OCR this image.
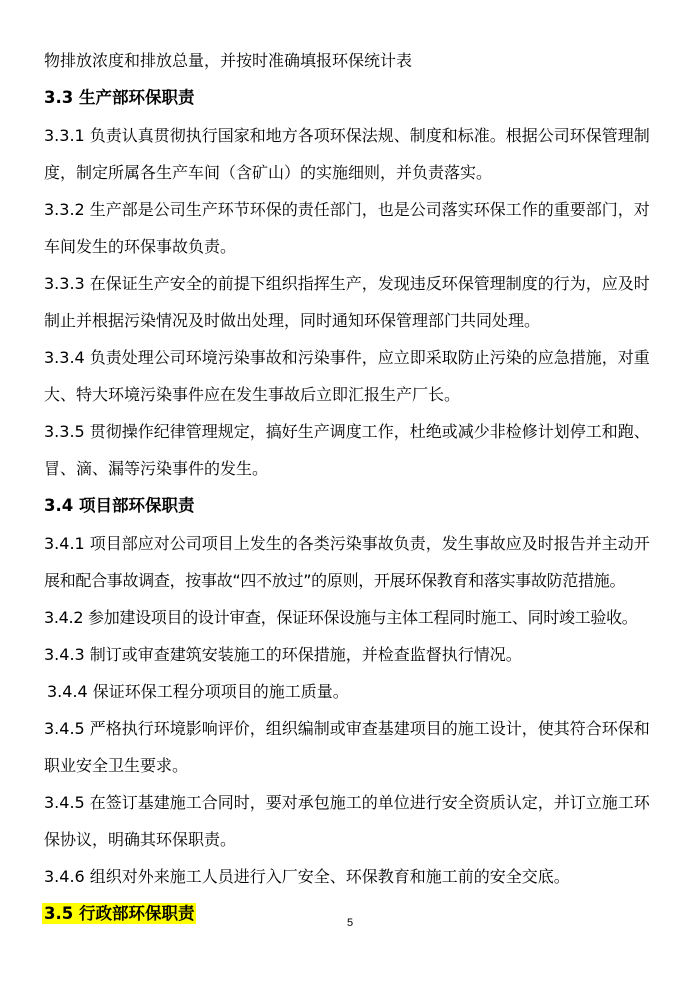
物排放浓度和排放总量，并按时准确填报环保统计表

3.3 生产部环保职责

3.3.1 负责认真贯彻执行国家和地方各项环保法规、制度和标准。根据公司环保管理制

度，制定所属各生产车间（含矿山）的实施细则，并负责落实。

3.3.2 生产部是公司生产环节环保的责任部门，也是公司落实环保工作的重要部门，对

车间发生的环保事故负责。

3.3.3 在保证生产安全的前提下组织指挥生产，发现违反环保管理制度的行为，应及时

制止并根据污染情况及时做出处理，同时通知环保管理部门共同处理。

3.3.4 负责处理公司环境污染事故和污染事件，应立即采取防止污染的应急措施，对重

大、特大环境污染事件应在发生事故后立即汇报生产厂长。

3.3.5 贯彻操作纪律管理规定，搞好生产调度工作，杜绝或减少非检修计划停工和跑、

冒、滴、漏等污染事件的发生。

3.4 项目部环保职责

3.4.1 项目部应对公司项目上发生的各类污染事故负责，发生事故应及时报告并主动开

展和配合事故调查，按事故“四不放过”的原则，开展环保教育和落实事故防范措施。

3.4.2 参加建设项目的设计审查，保证环保设施与主体工程同时施工、同时竣工验收。

3.4.3 制订或审查建筑安装施工的环保措施，并检查监督执行情况。

3.4.4 保证环保工程分项项目的施工质量。

3.4.5 严格执行环境影响评价，组织编制或审查基建项目的施工设计，使其符合环保和

职业安全卫生要求。

3.4.5 在签订基建施工合同时，要对承包施工的单位进行安全资质认定，并订立施工环

保协议，明确其环保职责。

3.4.6 组织对外来施工人员进行入厂安全、环保教育和施工前的安全交底。

3.5 行政部环保职责	5
